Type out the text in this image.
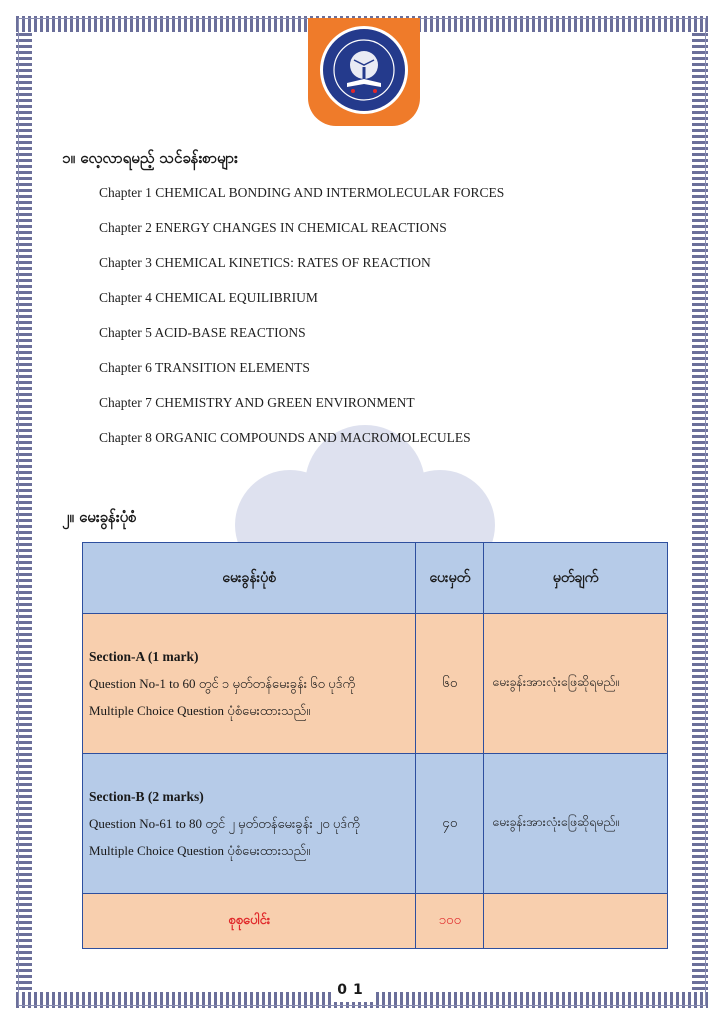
၁။ လေ့လာရမည့် သင်ခန်းစာများ
Chapter 1 CHEMICAL BONDING AND INTERMOLECULAR FORCES
Chapter 2 ENERGY CHANGES IN CHEMICAL REACTIONS
Chapter 3 CHEMICAL KINETICS: RATES OF REACTION
Chapter 4 CHEMICAL EQUILIBRIUM
Chapter 5 ACID-BASE REACTIONS
Chapter 6 TRANSITION ELEMENTS
Chapter 7 CHEMISTRY AND GREEN ENVIRONMENT
Chapter 8 ORGANIC COMPOUNDS AND MACROMOLECULES
၂။ မေးခွန်းပုံစံ
မေးခွန်းပုံစံ	ပေးမှတ်	မှတ်ချက်

Section-A (1 mark)
Question No-1 to 60 တွင် ၁ မှတ်တန်မေးခွန်း ၆၀ ပုဒ်ကို
Multiple Choice Question ပုံစံမေးထားသည်။	၆၀	မေးခွန်းအားလုံးဖြေဆိုရမည်။

Section-B (2 marks)
Question No-61 to 80 တွင် ၂ မှတ်တန်မေးခွန်း ၂၀ ပုဒ်ကို
Multiple Choice Question ပုံစံမေးထားသည်။	၄၀	မေးခွန်းအားလုံးဖြေဆိုရမည်။
စုစုပေါင်း	၁၀၀	
01
